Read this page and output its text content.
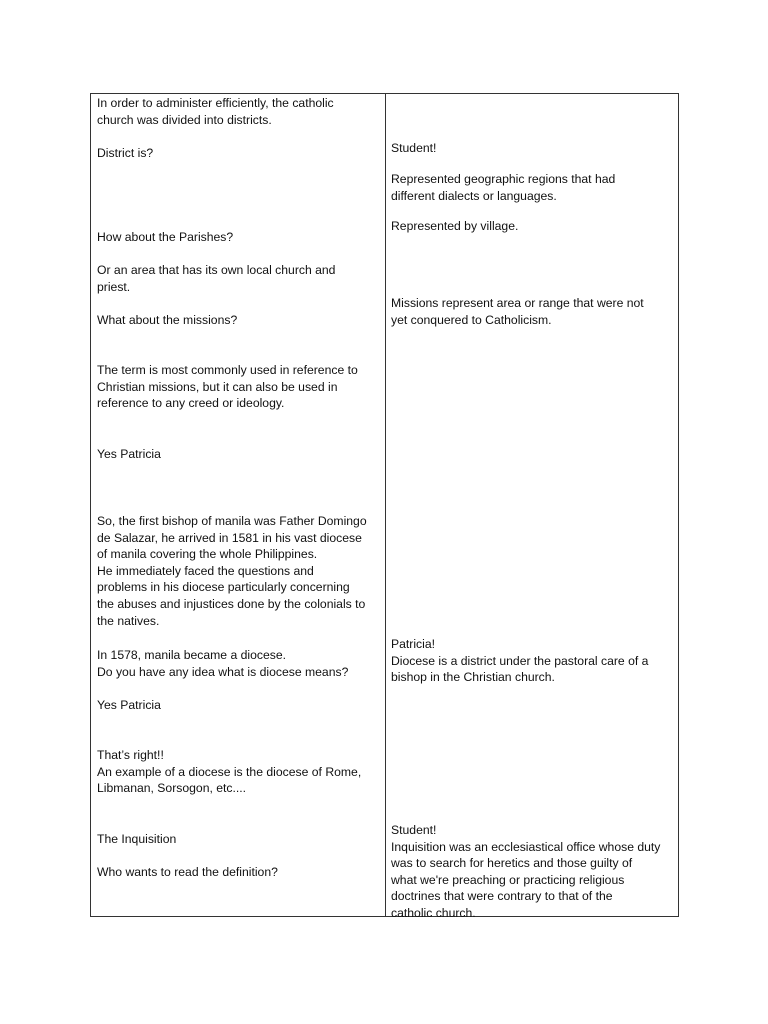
In order to administer efficiently, the catholic
church was divided into districts.
District is?
How about the Parishes?
Or an area that has its own local church and
priest.
What about the missions?
The term is most commonly used in reference to
Christian missions, but it can also be used in
reference to any creed or ideology.
Yes Patricia
So, the first bishop of manila was Father Domingo
de Salazar, he arrived in 1581 in his vast diocese
of manila covering the whole Philippines.
He immediately faced the questions and
problems in his diocese particularly concerning
the abuses and injustices done by the colonials to
the natives.
In 1578, manila became a diocese.
Do you have any idea what is diocese means?
Yes Patricia
That’s right!!
An example of a diocese is the diocese of Rome,
Libmanan, Sorsogon, etc....
The Inquisition
Who wants to read the definition?
Student!
Represented geographic regions that had
different dialects or languages.
Represented by village.
Missions represent area or range that were not
yet conquered to Catholicism.
Patricia!
Diocese is a district under the pastoral care of a
bishop in the Christian church.
Student!
Inquisition was an ecclesiastical office whose duty
was to search for heretics and those guilty of
what we're preaching or practicing religious
doctrines that were contrary to that of the
catholic church.
